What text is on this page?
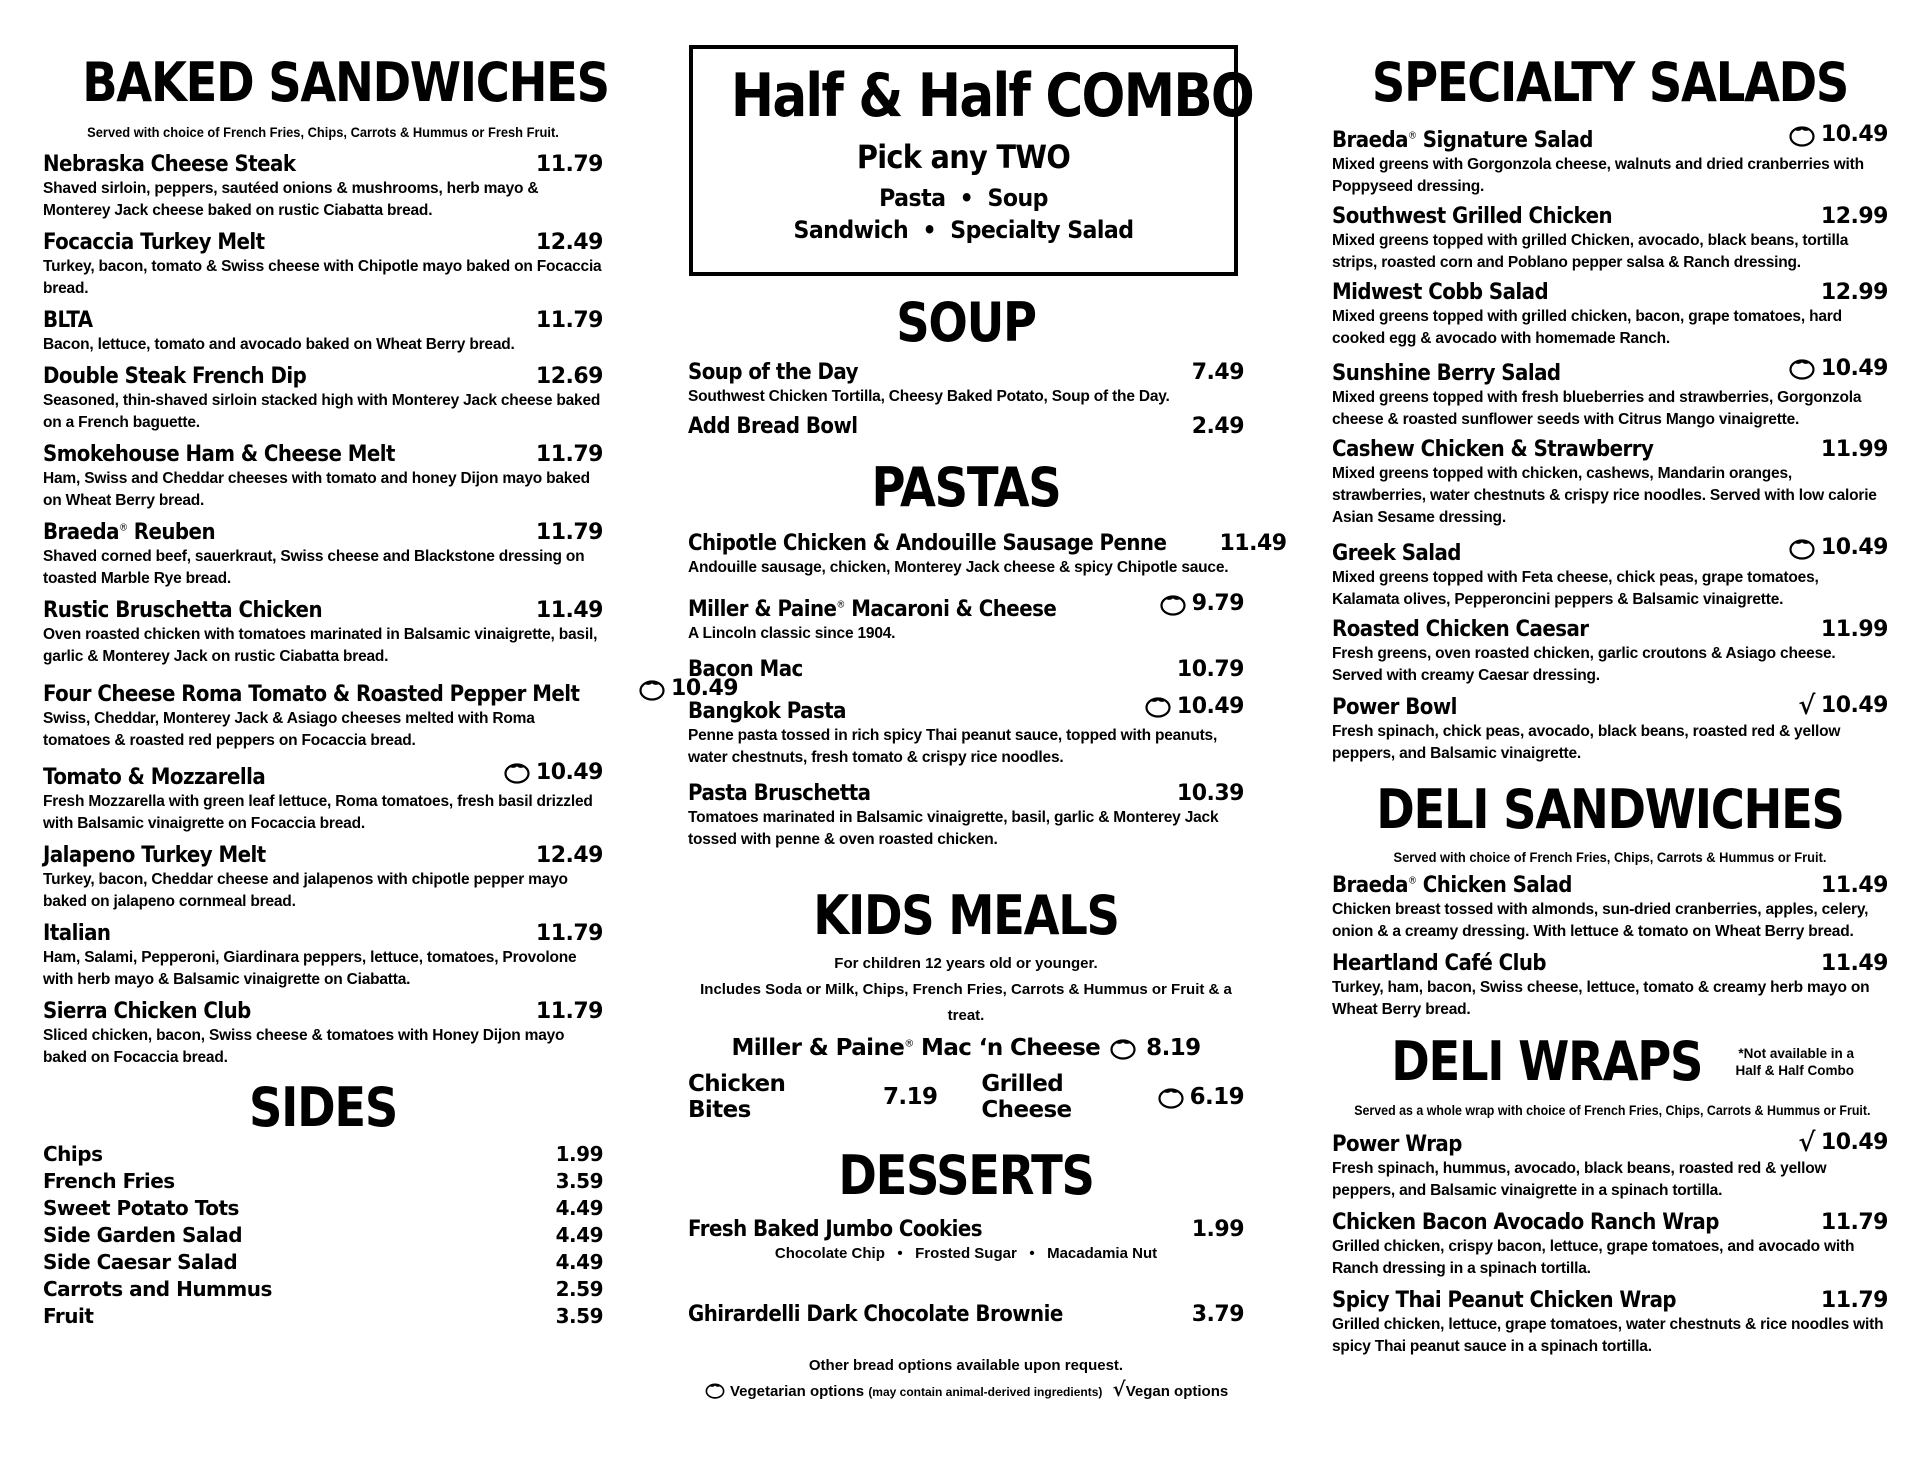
BAKED SANDWICHES

Served with choice of French Fries, Chips, Carrots & Hummus or Fresh Fruit.

Nebraska Cheese Steak	11.79
Shaved sirloin, peppers, sautéed onions & mushrooms, herb mayo & Monterey Jack cheese baked on rustic Ciabatta bread.
Focaccia Turkey Melt	12.49
Turkey, bacon, tomato & Swiss cheese with Chipotle mayo baked on Focaccia bread.
BLTA	11.79
Bacon, lettuce, tomato and avocado baked on Wheat Berry bread.
Double Steak French Dip	12.69
Seasoned, thin-shaved sirloin stacked high with Monterey Jack cheese baked on a French baguette.
Smokehouse Ham & Cheese Melt	11.79
Ham, Swiss and Cheddar cheeses with tomato and honey Dijon mayo baked on Wheat Berry bread.
Braeda® Reuben	11.79
Shaved corned beef, sauerkraut, Swiss cheese and Blackstone dressing on toasted Marble Rye bread.
Rustic Bruschetta Chicken	11.49
Oven roasted chicken with tomatoes marinated in Balsamic vinaigrette, basil, garlic & Monterey Jack on rustic Ciabatta bread.
Four Cheese Roma Tomato & Roasted Pepper Melt	10.49
Swiss, Cheddar, Monterey Jack & Asiago cheeses melted with Roma tomatoes & roasted red peppers on Focaccia bread.
Tomato & Mozzarella	10.49
Fresh Mozzarella with green leaf lettuce, Roma tomatoes, fresh basil drizzled with Balsamic vinaigrette on Focaccia bread.
Jalapeno Turkey Melt	12.49
Turkey, bacon, Cheddar cheese and jalapenos with chipotle pepper mayo baked on jalapeno cornmeal bread.
Italian	11.79
Ham, Salami, Pepperoni, Giardinara peppers, lettuce, tomatoes, Provolone with herb mayo & Balsamic vinaigrette on Ciabatta.
Sierra Chicken Club	11.79
Sliced chicken, bacon, Swiss cheese & tomatoes with Honey Dijon mayo baked on Focaccia bread.
SIDES
Chips	1.99
French Fries	3.59
Sweet Potato Tots	4.49
Side Garden Salad	4.49
Side Caesar Salad	4.49
Carrots and Hummus	2.59
Fruit	3.59
Half & Half COMBO
Pick any TWO
Pasta  •  Soup
Sandwich  •  Specialty Salad
SOUP
Soup of the Day	7.49
Southwest Chicken Tortilla, Cheesy Baked Potato, Soup of the Day.
Add Bread Bowl	2.49
PASTAS
Chipotle Chicken & Andouille Sausage Penne 11.49
Andouille sausage, chicken, Monterey Jack cheese & spicy Chipotle sauce.
Miller & Paine® Macaroni & Cheese	9.79
A Lincoln classic since 1904.
Bacon Mac	10.79
Bangkok Pasta	10.49
Penne pasta tossed in rich spicy Thai peanut sauce, topped with peanuts, water chestnuts, fresh tomato & crispy rice noodles.
Pasta Bruschetta	10.39
Tomatoes marinated in Balsamic vinaigrette, basil, garlic & Monterey Jack tossed with penne & oven roasted chicken.
KIDS MEALS
For children 12 years old or younger.
Includes Soda or Milk, Chips, French Fries, Carrots & Hummus or Fruit & a treat.
Miller & Paine® Mac ‘n Cheese 8.19
Chicken Bites	7.19 Grilled Cheese	6.19
DESSERTS
Fresh Baked Jumbo Cookies	1.99
Chocolate Chip   •   Frosted Sugar   •   Macadamia Nut
Ghirardelli Dark Chocolate Brownie	3.79
Other bread options available upon request.
Vegetarian options (may contain animal-derived ingredients) √Vegan options
SPECIALTY SALADS
Braeda® Signature Salad	10.49
Mixed greens with Gorgonzola cheese, walnuts and dried cranberries with Poppyseed dressing.
Southwest Grilled Chicken	12.99
Mixed greens topped with grilled Chicken, avocado, black beans, tortilla strips, roasted corn and Poblano pepper salsa & Ranch dressing.
Midwest Cobb Salad	12.99
Mixed greens topped with grilled chicken, bacon, grape tomatoes, hard cooked egg & avocado with homemade Ranch.
Sunshine Berry Salad	10.49
Mixed greens topped with fresh blueberries and strawberries, Gorgonzola cheese & roasted sunflower seeds with Citrus Mango vinaigrette.
Cashew Chicken & Strawberry	11.99
Mixed greens topped with chicken, cashews, Mandarin oranges, strawberries, water chestnuts & crispy rice noodles. Served with low calorie Asian Sesame dressing.
Greek Salad	10.49
Mixed greens topped with Feta cheese, chick peas, grape tomatoes, Kalamata olives, Pepperoncini peppers & Balsamic vinaigrette.
Roasted Chicken Caesar	11.99
Fresh greens, oven roasted chicken, garlic croutons & Asiago cheese. Served with creamy Caesar dressing.
Power Bowl	√ 10.49
Fresh spinach, chick peas, avocado, black beans, roasted red & yellow peppers, and Balsamic vinaigrette.
DELI SANDWICHES

Served with choice of French Fries, Chips, Carrots & Hummus or Fruit.

Braeda® Chicken Salad	11.49
Chicken breast tossed with almonds, sun-dried cranberries, apples, celery, onion & a creamy dressing. With lettuce & tomato on Wheat Berry bread.
Heartland Café Club	11.49
Turkey, ham, bacon, Swiss cheese, lettuce, tomato & creamy herb mayo on Wheat Berry bread.
DELI WRAPS	*Not available in a
Half & Half Combo

Served as a whole wrap with choice of French Fries, Chips, Carrots & Hummus or Fruit.

Power Wrap	√ 10.49
Fresh spinach, hummus, avocado, black beans, roasted red & yellow peppers, and Balsamic vinaigrette in a spinach tortilla.
Chicken Bacon Avocado Ranch Wrap	11.79
Grilled chicken, crispy bacon, lettuce, grape tomatoes, and avocado with Ranch dressing in a spinach tortilla.
Spicy Thai Peanut Chicken Wrap	11.79
Grilled chicken, lettuce, grape tomatoes, water chestnuts & rice noodles with spicy Thai peanut sauce in a spinach tortilla.
